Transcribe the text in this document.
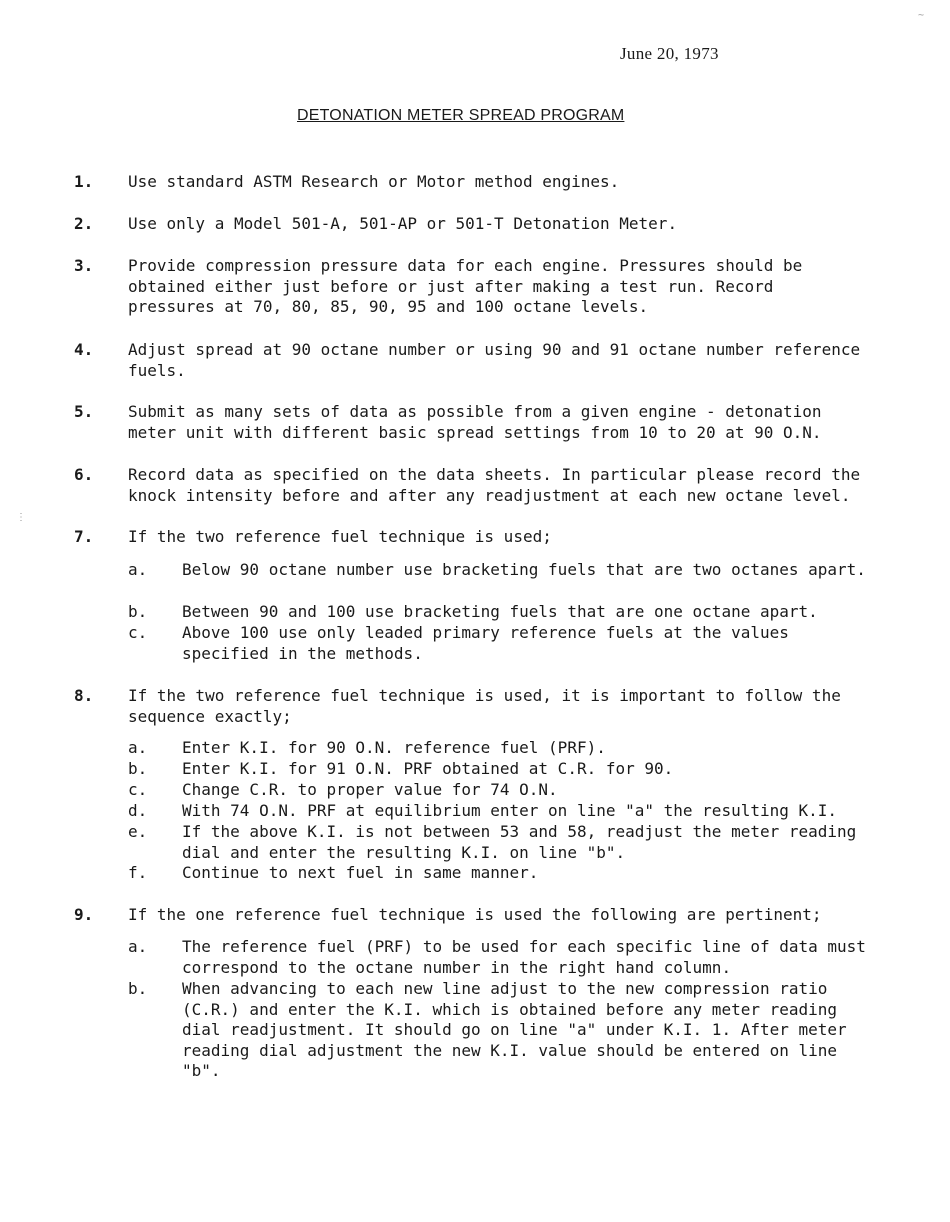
June 20, 1973
DETONATION METER SPREAD PROGRAM
1. Use standard ASTM Research or Motor method engines.
2. Use only a Model 501-A, 501-AP or 501-T Detonation Meter.
3. Provide compression pressure data for each engine. Pressures should be obtained either just before or just after making a test run. Record pressures at 70, 80, 85, 90, 95 and 100 octane levels.
4. Adjust spread at 90 octane number or using 90 and 91 octane number reference fuels.
5. Submit as many sets of data as possible from a given engine - detonation meter unit with different basic spread settings from 10 to 20 at 90 O.N.
6. Record data as specified on the data sheets. In particular please record the knock intensity before and after any readjustment at each new octane level.
7. If the two reference fuel technique is used;
a. Below 90 octane number use bracketing fuels that are two octanes apart.
b. Between 90 and 100 use bracketing fuels that are one octane apart.
c. Above 100 use only leaded primary reference fuels at the values specified in the methods.
8. If the two reference fuel technique is used, it is important to follow the sequence exactly;
a. Enter K.I. for 90 O.N. reference fuel (PRF).
b. Enter K.I. for 91 O.N. PRF obtained at C.R. for 90.
c. Change C.R. to proper value for 74 O.N.
d. With 74 O.N. PRF at equilibrium enter on line "a" the resulting K.I.
e. If the above K.I. is not between 53 and 58, readjust the meter reading dial and enter the resulting K.I. on line "b".
f. Continue to next fuel in same manner.
9. If the one reference fuel technique is used the following are pertinent;
a. The reference fuel (PRF) to be used for each specific line of data must correspond to the octane number in the right hand column.
b. When advancing to each new line adjust to the new compression ratio (C.R.) and enter the K.I. which is obtained before any meter reading dial readjustment. It should go on line "a" under K.I. 1. After meter reading dial adjustment the new K.I. value should be entered on line "b".
~
⋮
